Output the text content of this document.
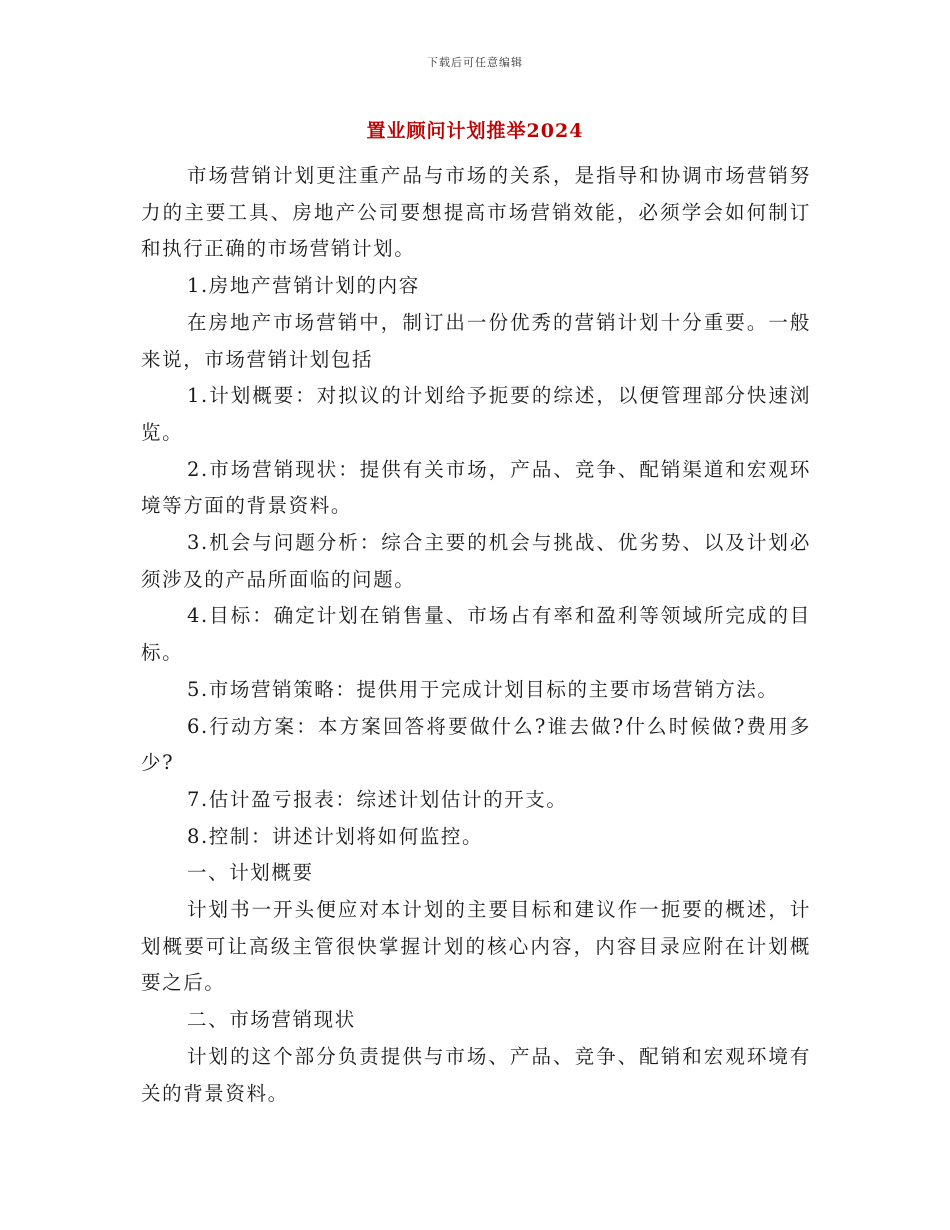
下载后可任意编辑
置业顾问计划推举2024

市场营销计划更注重产品与市场的关系，是指导和协调市场营销努力的主要工具、房地产公司要想提高市场营销效能，必须学会如何制订和执行正确的市场营销计划。

1.房地产营销计划的内容

在房地产市场营销中，制订出一份优秀的营销计划十分重要。一般来说，市场营销计划包括

1.计划概要：对拟议的计划给予扼要的综述，以便管理部分快速浏览。

2.市场营销现状：提供有关市场，产品、竞争、配销渠道和宏观环境等方面的背景资料。

3.机会与问题分析：综合主要的机会与挑战、优劣势、以及计划必须涉及的产品所面临的问题。

4.目标：确定计划在销售量、市场占有率和盈利等领域所完成的目标。

5.市场营销策略：提供用于完成计划目标的主要市场营销方法。

6.行动方案：本方案回答将要做什么?谁去做?什么时候做?费用多少?

7.估计盈亏报表：综述计划估计的开支。

8.控制：讲述计划将如何监控。

一、计划概要

计划书一开头便应对本计划的主要目标和建议作一扼要的概述，计划概要可让高级主管很快掌握计划的核心内容，内容目录应附在计划概要之后。

二、市场营销现状

计划的这个部分负责提供与市场、产品、竞争、配销和宏观环境有关的背景资料。
